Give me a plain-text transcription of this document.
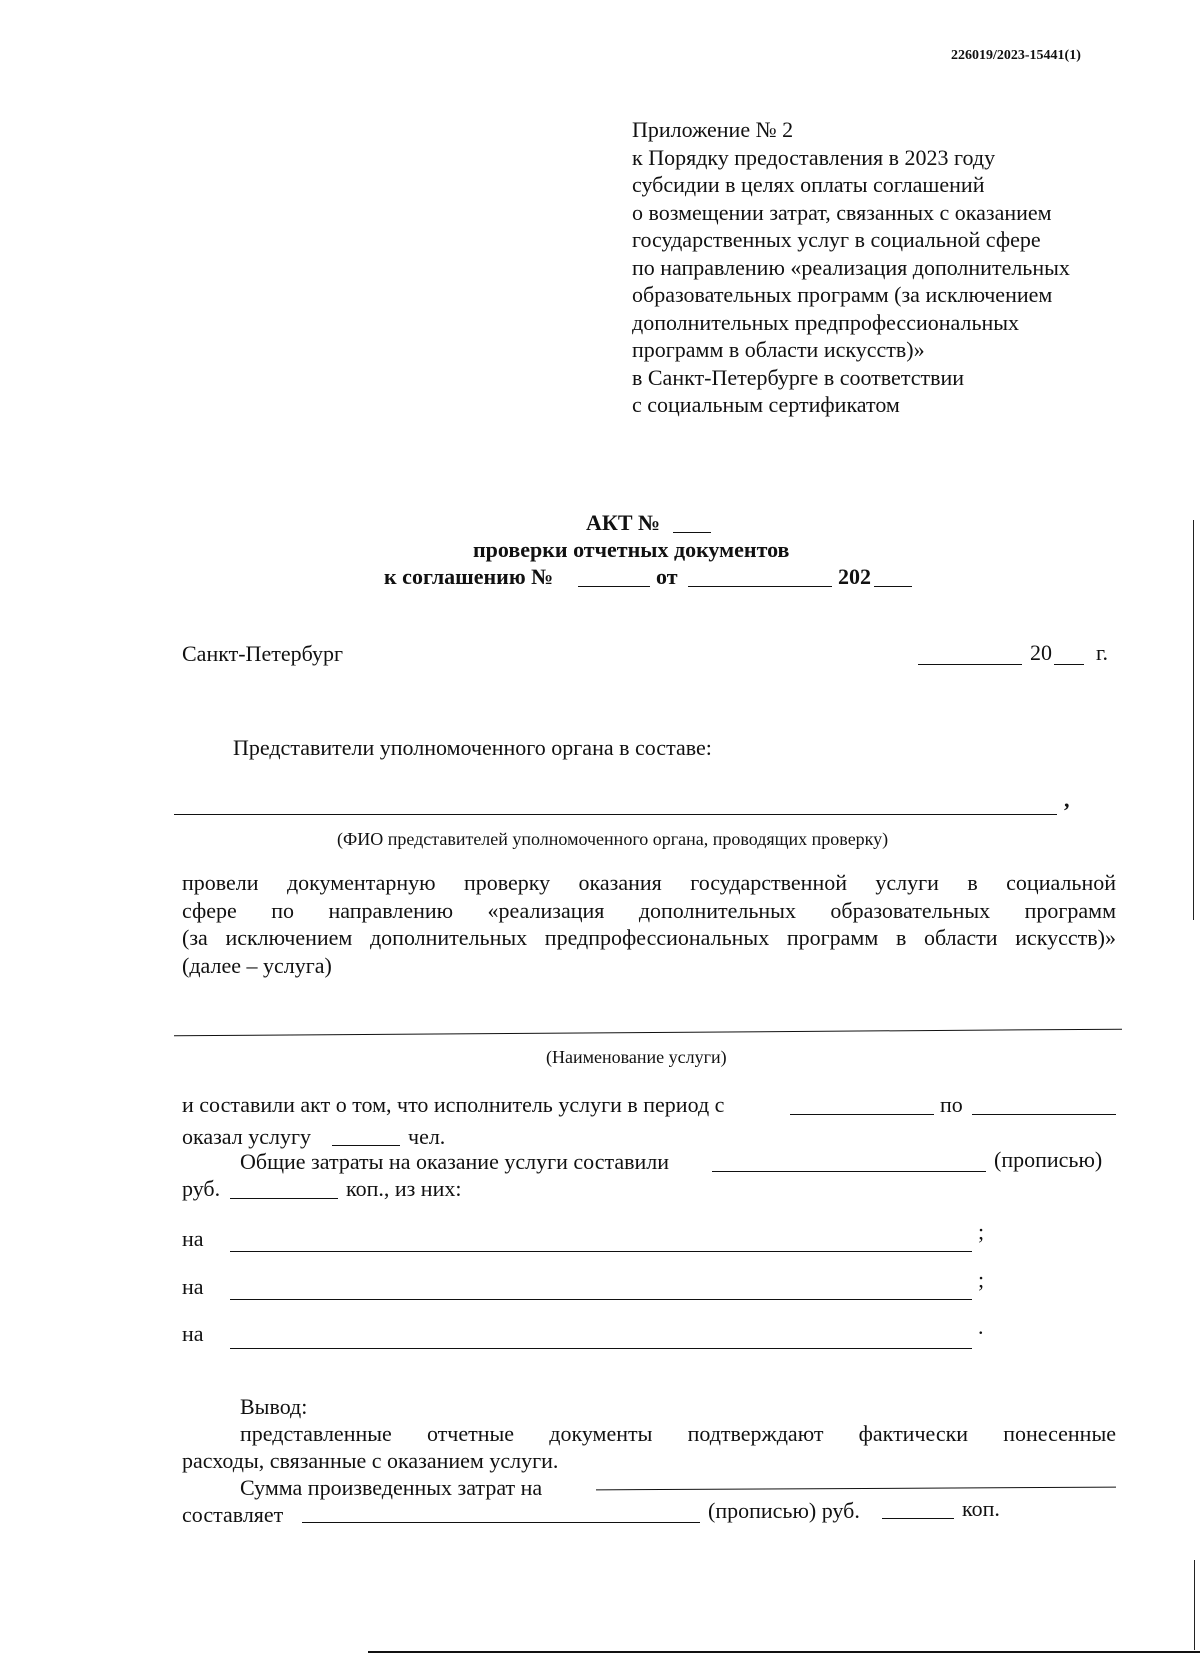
226019/2023-15441(1)
Приложение № 2
к Порядку предоставления в 2023 году
субсидии в целях оплаты соглашений
о возмещении затрат, связанных с оказанием
государственных услуг в социальной сфере
по направлению «реализация дополнительных
образовательных программ (за исключением
дополнительных предпрофессиональных
программ в области искусств)»
в Санкт-Петербурге в соответствии
с социальным сертификатом
АКТ №
проверки отчетных документов
к соглашению №	от	202
Санкт-Петербург	20 г.
Представители уполномоченного органа в составе:
,
(ФИО представителей уполномоченного органа, проводящих проверку)
провели документарную проверку оказания государственной услуги в социальной
сфере по направлению «реализация дополнительных образовательных программ
(за исключением дополнительных предпрофессиональных программ в области искусств)»
(далее – услуга)
(Наименование услуги)
и составили акт о том, что исполнитель услуги в период с	по
оказал услугу	чел.
Общие затраты на оказание услуги составили	(прописью)
руб.	коп., из них:
на	;
на	;
на	.
Вывод:
представленные отчетные документы подтверждают фактически понесенные
расходы, связанные с оказанием услуги.
Сумма произведенных затрат на
составляет	(прописью) руб.	коп.
